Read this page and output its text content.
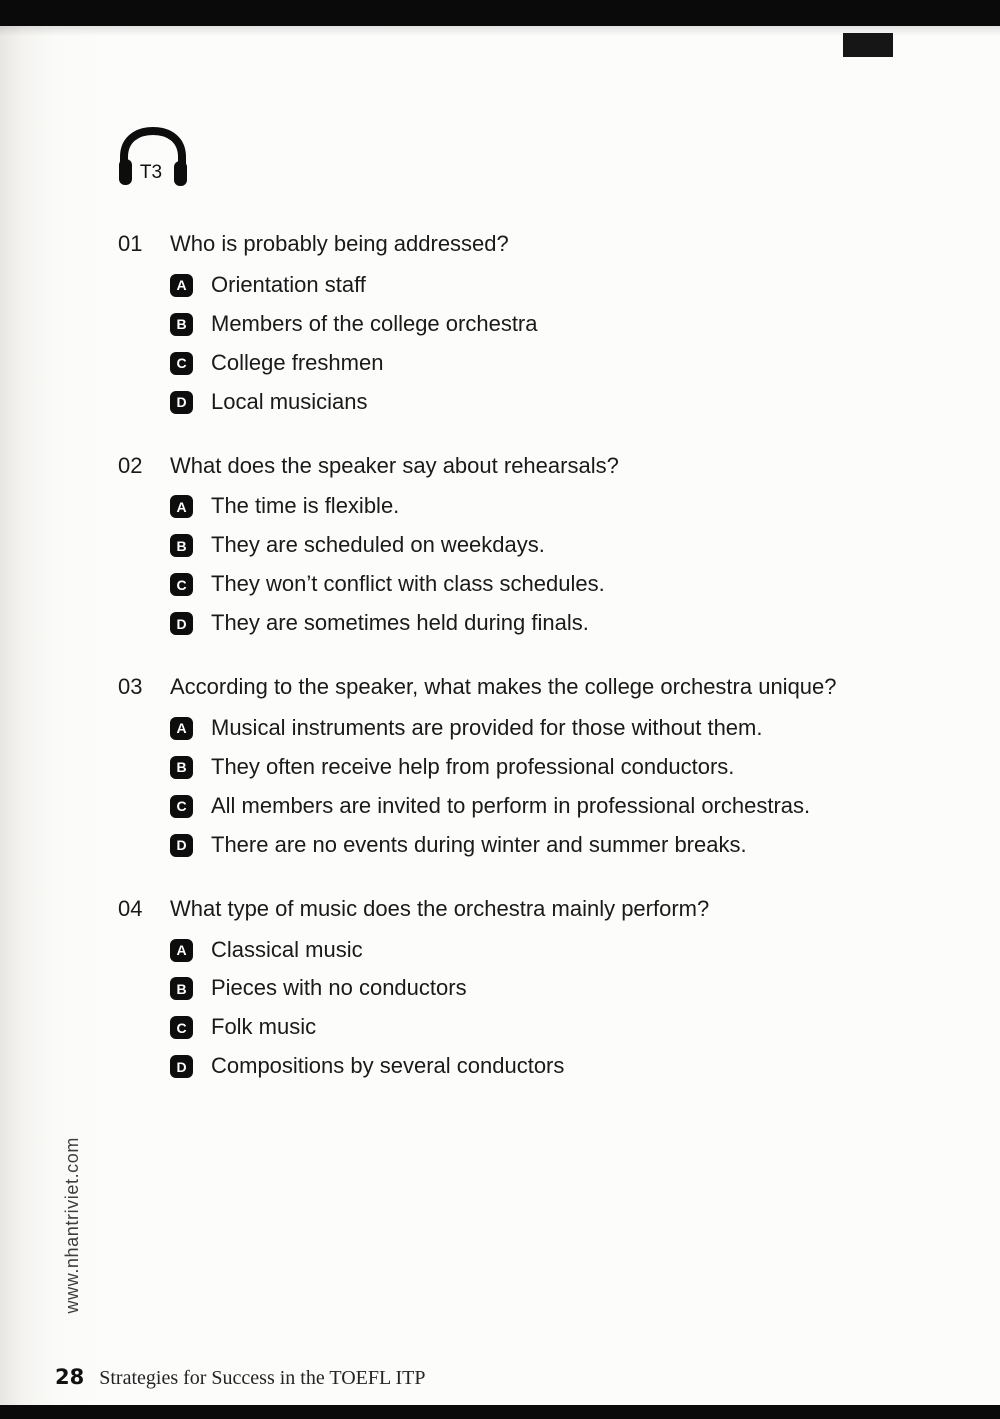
T3
01	Who is probably being addressed?
A Orientation staff
B Members of the college orchestra
C College freshmen
D Local musicians
02	What does the speaker say about rehearsals?
A The time is flexible.
B They are scheduled on weekdays.
C They won’t conflict with class schedules.
D They are sometimes held during finals.
03	According to the speaker, what makes the college orchestra unique?
A Musical instruments are provided for those without them.
B They often receive help from professional conductors.
C All members are invited to perform in professional orchestras.
D There are no events during winter and summer breaks.
04	What type of music does the orchestra mainly perform?
A Classical music
B Pieces with no conductors
C Folk music
D Compositions by several conductors
www.nhantriviet.com
28 Strategies for Success in the TOEFL ITP
